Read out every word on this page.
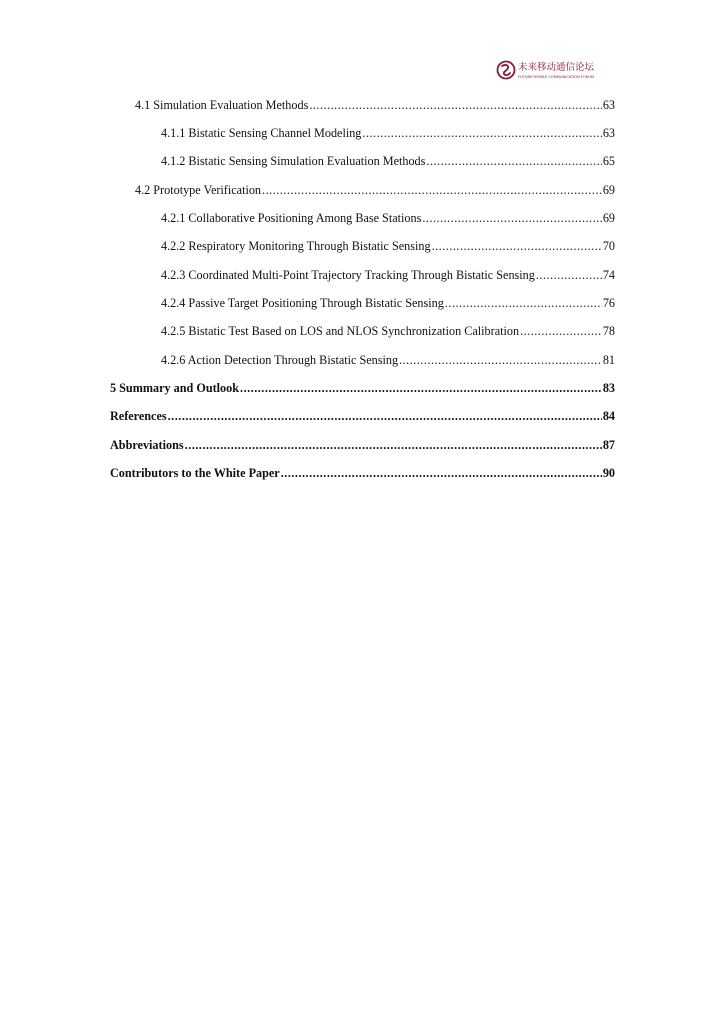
未来移动通信论坛
FUTURE MOBILE COMMUNICATION FORUM
4.1 Simulation Evaluation Methods .....	63
4.1.1 Bistatic Sensing Channel Modeling .....	63
4.1.2 Bistatic Sensing Simulation Evaluation Methods .....	65
4.2 Prototype Verification .....	69
4.2.1 Collaborative Positioning Among Base Stations .....	69
4.2.2 Respiratory Monitoring Through Bistatic Sensing .....	70
4.2.3 Coordinated Multi-Point Trajectory Tracking Through Bistatic Sensing .....	74
4.2.4 Passive Target Positioning Through Bistatic Sensing .....	76
4.2.5 Bistatic Test Based on LOS and NLOS Synchronization Calibration .....	78
4.2.6 Action Detection Through Bistatic Sensing .....	81
5 Summary and Outlook .....	83
References .....	84
Abbreviations .....	87
Contributors to the White Paper .....	90
